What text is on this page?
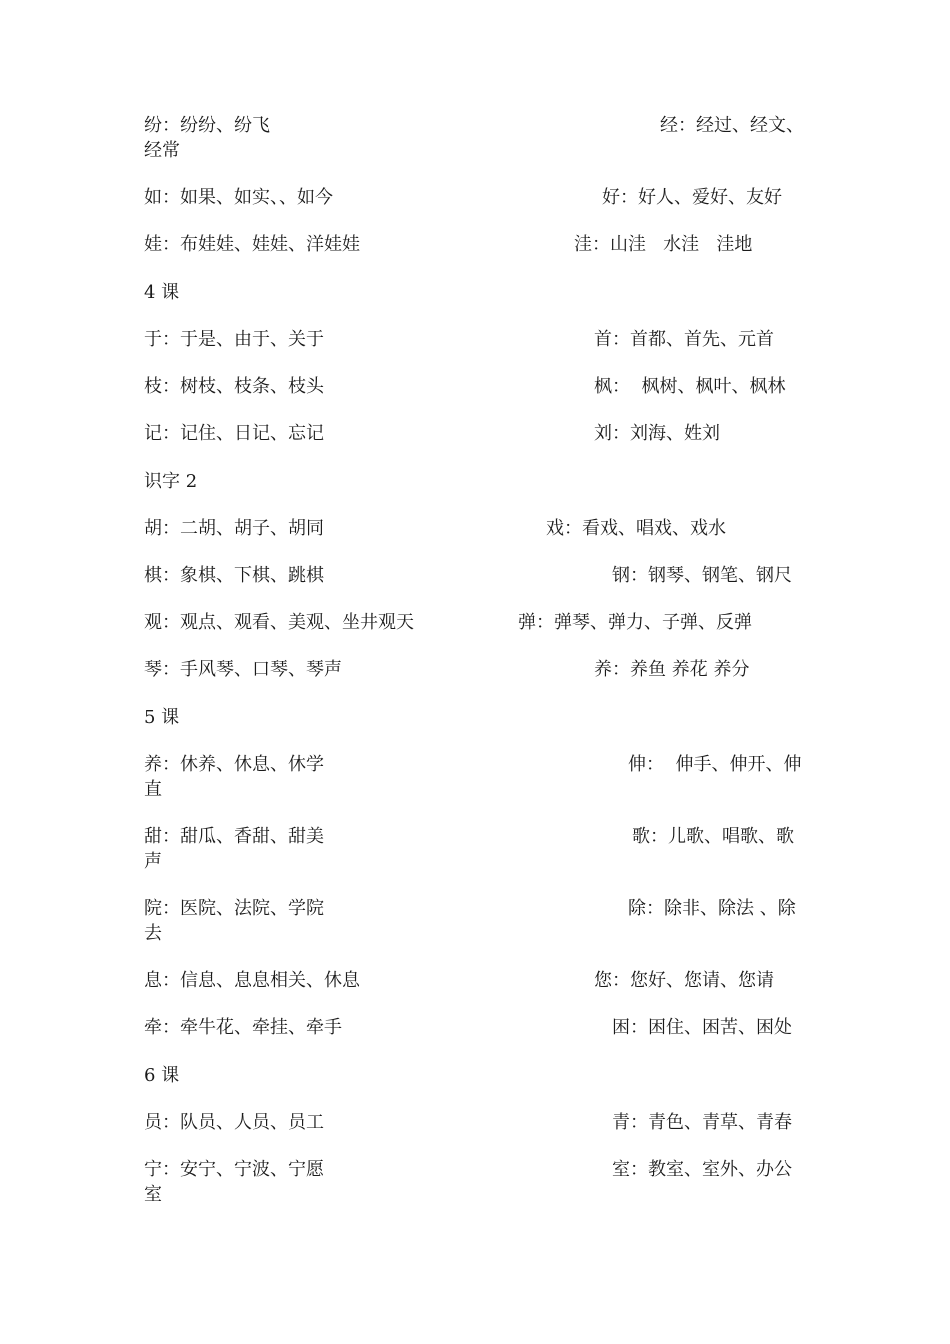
纷：纷纷、纷飞	经：经过、经文、
经常
如：如果、如实、、如今	好：好人、爱好、友好
娃：布娃娃、娃娃、洋娃娃	洼：山洼   水洼   洼地
4 课
于：于是、由于、关于	首：首都、首先、元首
枝：树枝、枝条、枝头	枫：  枫树、枫叶、枫林
记：记住、日记、忘记	刘：刘海、姓刘
识字 2
胡：二胡、胡子、胡同	戏：看戏、唱戏、戏水
棋：象棋、下棋、跳棋	钢：钢琴、钢笔、钢尺
观：观点、观看、美观、坐井观天	弹：弹琴、弹力、子弹、反弹
琴：手风琴、口琴、琴声	养：养鱼 养花 养分
5 课
养：休养、休息、休学	伸：  伸手、伸开、伸
直
甜：甜瓜、香甜、甜美	歌：儿歌、唱歌、歌
声
院：医院、法院、学院	除：除非、除法 、除
去
息：信息、息息相关、休息	您：您好、您请、您请
牵：牵牛花、牵挂、牵手	困：困住、困苦、困处
6 课
员：队员、人员、员工	青：青色、青草、青春
宁：安宁、宁波、宁愿	室：教室、室外、办公
室
